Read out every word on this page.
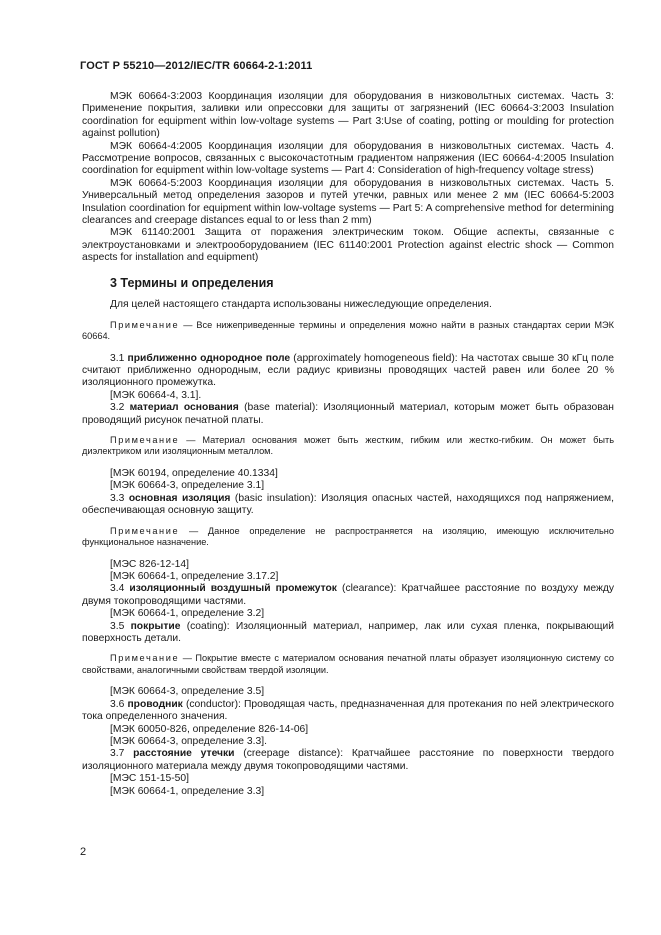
ГОСТ Р 55210—2012/IEC/TR 60664-2-1:2011

МЭК 60664-3:2003 Координация изоляции для оборудования в низковольтных системах. Часть 3: Применение покрытия, заливки или опрессовки для защиты от загрязнений (IEC 60664-3:2003 Insulation coordination for equipment within low-voltage systems — Part 3:Use of coating, potting or moulding for protection against pollution)

МЭК 60664-4:2005 Координация изоляции для оборудования в низковольтных системах. Часть 4. Рассмотрение вопросов, связанных с высокочастотным градиентом напряжения (IEC 60664-4:2005 Insulation coordination for equipment within low-voltage systems — Part 4: Consideration of high-frequency voltage stress)

МЭК 60664-5:2003 Координация изоляции для оборудования в низковольтных системах. Часть 5. Универсальный метод определения зазоров и путей утечки, равных или менее 2 мм (IEC 60664-5:2003 Insulation coordination for equipment within low-voltage systems — Part 5: A comprehensive method for determining clearances and creepage distances equal to or less than 2 mm)

МЭК 61140:2001 Защита от поражения электрическим током. Общие аспекты, связанные с электроустановками и электрооборудованием (IEC 61140:2001 Protection against electric shock — Common aspects for installation and equipment)

3 Термины и определения

Для целей настоящего стандарта использованы нижеследующие определения.

Примечание — Все нижеприведенные термины и определения можно найти в разных стандартах серии МЭК 60664.

3.1 приближенно однородное поле (approximately homogeneous field): На частотах свыше 30 кГц поле считают приближенно однородным, если радиус кривизны проводящих частей равен или более 20 % изоляционного промежутка.

[МЭК 60664-4, 3.1].

3.2 материал основания (base material): Изоляционный материал, которым может быть образован проводящий рисунок печатной платы.

Примечание — Материал основания может быть жестким, гибким или жестко-гибким. Он может быть диэлектриком или изоляционным металлом.

[МЭК 60194, определение 40.1334]
[МЭК 60664-3, определение 3.1]

3.3 основная изоляция (basic insulation): Изоляция опасных частей, находящихся под напряжением, обеспечивающая основную защиту.

Примечание — Данное определение не распространяется на изоляцию, имеющую исключительно функциональное назначение.

[МЭС 826-12-14]
[МЭК 60664-1, определение 3.17.2]

3.4 изоляционный воздушный промежуток (clearance): Кратчайшее расстояние по воздуху между двумя токопроводящими частями.

[МЭК 60664-1, определение 3.2]

3.5 покрытие (coating): Изоляционный материал, например, лак или сухая пленка, покрывающий поверхность детали.

Примечание — Покрытие вместе с материалом основания печатной платы образует изоляционную систему со свойствами, аналогичными свойствам твердой изоляции.

[МЭК 60664-3, определение 3.5]

3.6 проводник (conductor): Проводящая часть, предназначенная для протекания по ней электрического тока определенного значения.

[МЭК 60050-826, определение 826-14-06]
[МЭК 60664-3, определение 3.3].

3.7 расстояние утечки (creepage distance): Кратчайшее расстояние по поверхности твердого изоляционного материала между двумя токопроводящими частями.

[МЭС 151-15-50]
[МЭК 60664-1, определение 3.3]
2
